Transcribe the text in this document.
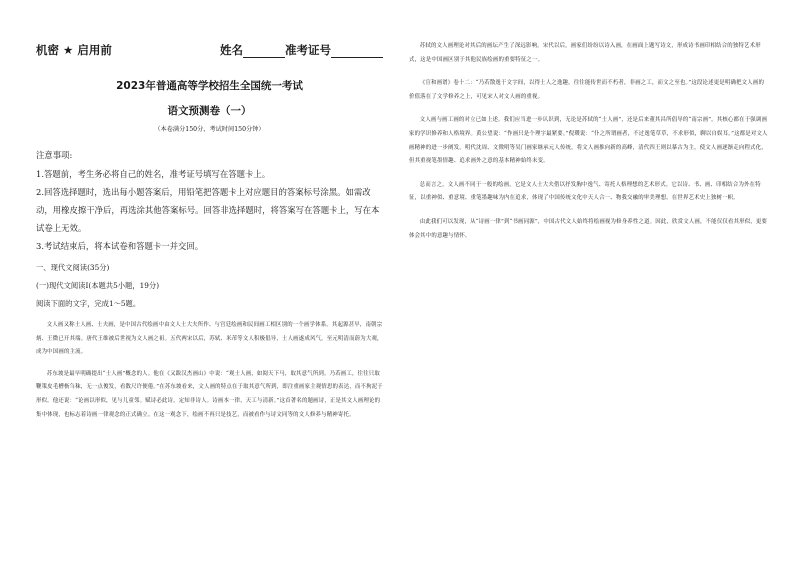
机密 ★ 启用前	姓名	准考证号
2023年普通高等学校招生全国统一考试
语文预测卷（一）
（本卷满分150分，考试时间150分钟）
注意事项:

1.答题前，考生务必将自己的姓名，准考证号填写在答题卡上。

2.回答选择题时，选出每小题答案后，用铅笔把答题卡上对应题目的答案标号涂黑。如需改动，用橡皮擦干净后，再选涂其他答案标号。回答非选择题时，将答案写在答题卡上，写在本试卷上无效。

3.考试结束后，将本试卷和答题卡一并交回。

一、现代文阅读(35分)
(一)现代文阅读Ⅰ(本题共5小题，19分)
阅读下面的文字，完成1～5题。

文人画又称士人画、士夫画，是中国古代绘画中由文人士大夫所作、与宫廷绘画和民间画工相区别的一个画学体系。其起源甚早，南朝宗炳、王微已开其端。唐代王维被后世视为文人画之祖。五代两宋以后，苏轼、米芾等文人积极倡导，士人画遂成风气，至元明清而蔚为大观，成为中国画的主流。

苏东坡是最早明确提出“士人画”概念的人。他在《又跋汉杰画山》中说：“观士人画，如阅天下马，取其意气所到。乃若画工，往往只取鞭策皮毛槽枥刍秣，无一点俊发，看数尺许便倦。”在苏东坡看来，文人画的特点在于取其意气所到，即注重画家主观情思的表达，而不拘泥于形似。他还说：“论画以形似，见与儿童邻。赋诗必此诗，定知非诗人。诗画本一律，天工与清新。”这首著名的题画诗，正是其文人画理论的集中体现，也标志着诗画一律观念的正式确立。在这一观念下，绘画不再只是技艺，而被看作与诗文同等的文人修养与精神寄托。

苏轼的文人画理论对其后的画坛产生了深远影响。宋代以后，画家们纷纷以诗入画，在画面上题写诗文，形成诗书画印相结合的独特艺术形式，这是中国画区别于其他民族绘画的重要特征之一。

《宣和画谱》卷十二：“乃若散逸于文字间，以得士人之逸趣，往往能传世而不朽者，非画之工，而文之至也。”这段论述更是明确把文人画的价值落在了文学修养之上，可见宋人对文人画的重视。

文人画与画工画的对立已如上述。我们应当进一步认识到，无论是苏轼的“士人画”，还是后来董其昌所倡导的“南宗画”，其核心都在于强调画家的学识修养和人格境界。黄公望说：“作画只是个理字最紧要。”倪瓒说：“仆之所谓画者，不过逸笔草草，不求形似，聊以自娱耳。”这都是对文人画精神的进一步阐发。明代沈周、文徵明等吴门画家继承元人传统，将文人画推向新的高峰，清代四王则以摹古为主，使文人画逐渐走向程式化，但其重视笔墨情趣、追求画外之意的基本精神始终未变。

总而言之，文人画不同于一般的绘画，它是文人士大夫借以抒发胸中逸气、寄托人格理想的艺术形式。它以诗、书、画、印相结合为外在特征，以重神似、重意境、重笔墨趣味为内在追求，体现了中国传统文化中天人合一、物我交融的审美理想，在世界艺术史上独树一帜。

由此我们可以发现，从“诗画一律”到“书画同源”，中国古代文人始终将绘画视为修身养性之道。因此，欣赏文人画，不能仅仅看其形似，更要体会其中的意趣与情怀。
